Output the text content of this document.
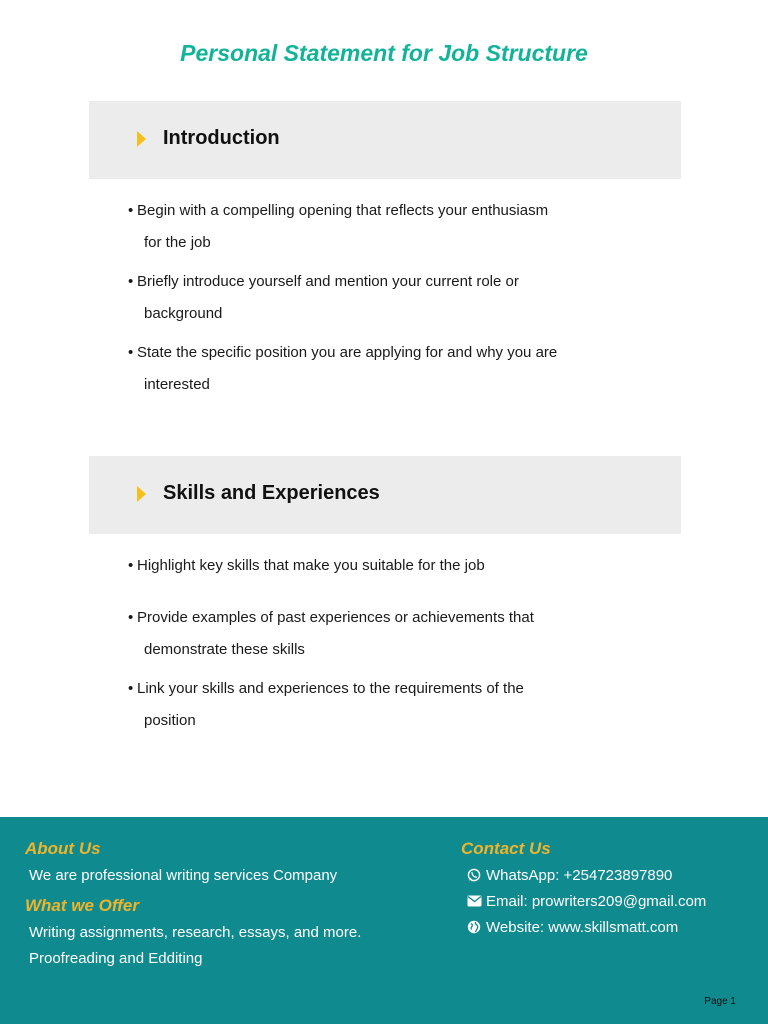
Personal Statement for Job Structure
Introduction
• Begin with a compelling opening that reflects your enthusiasm for the job
• Briefly introduce yourself and mention your current role or background
• State the specific position you are applying for and why you are interested
Skills and Experiences
• Highlight key skills that make you suitable for the job
• Provide examples of past experiences or achievements that demonstrate these skills
• Link your skills and experiences to the requirements of the position
About Us
We are professional writing services Company
What we Offer
Writing assignments, research, essays, and more.
Proofreading and Edditing
Contact Us
WhatsApp: +254723897890
Email: prowriters209@gmail.com
Website: www.skillsmatt.com
Page 1
